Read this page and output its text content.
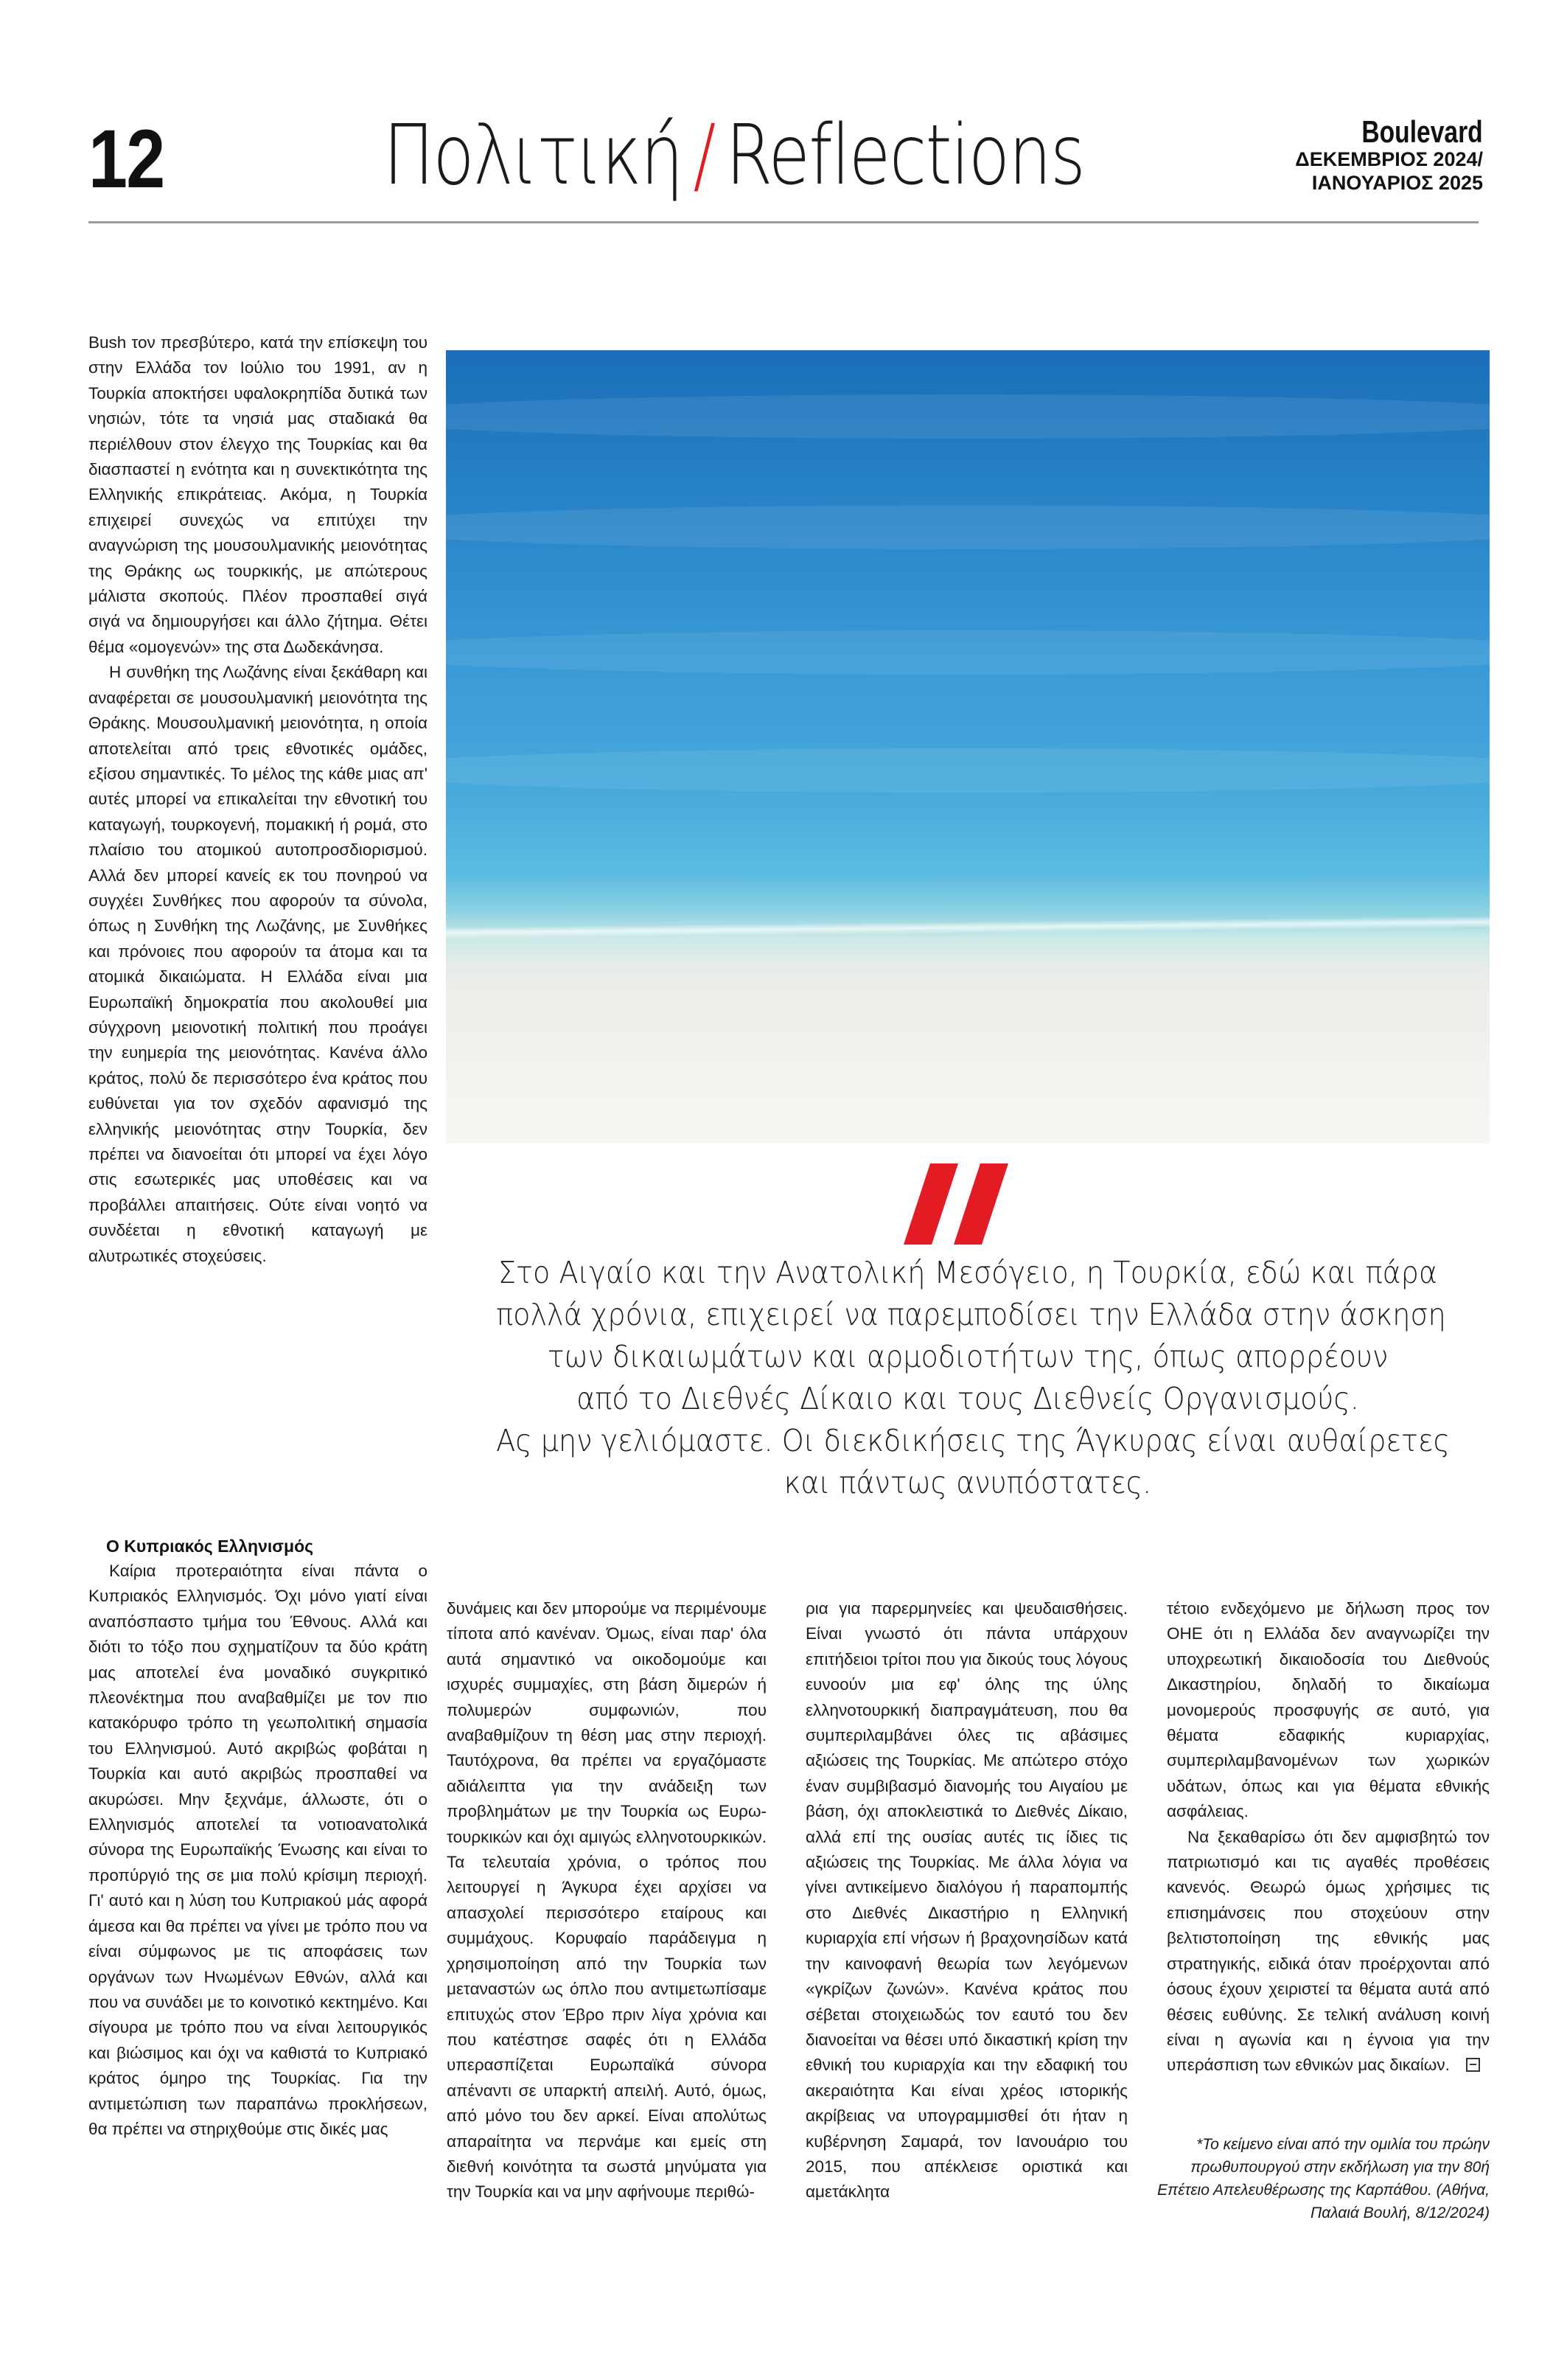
12	Πολιτική / Reflections	Boulevard
ΔΕΚΕΜΒΡΙΟΣ 2024/
ΙΑΝΟΥΑΡΙΟΣ 2025

Bush τον πρεσβύτερο, κατά την επίσκεψη του στην Ελλάδα τον Ιούλιο του 1991, αν η Τουρκία αποκτήσει υφαλοκρηπίδα δυτικά των νησιών, τότε τα νησιά μας σταδιακά θα περιέλθουν στον έλεγχο της Τουρκίας και θα διασπαστεί η ενότητα και η συνεκτικότητα της Ελληνικής επικράτειας. Ακόμα, η Τουρκία επιχειρεί συνεχώς να επιτύχει την αναγνώριση της μουσουλμανικής μειονότητας της Θράκης ως τουρκικής, με απώτερους μάλιστα σκοπούς. Πλέον προσπαθεί σιγά σιγά να δημιουργήσει και άλλο ζήτημα. Θέτει θέμα «ομογενών» της στα Δωδεκάνησα.

Η συνθήκη της Λωζάνης είναι ξεκάθαρη και αναφέρεται σε μουσουλμανική μειονότητα της Θράκης. Μουσουλμανική μειονότητα, η οποία αποτελείται από τρεις εθνοτικές ομάδες, εξίσου σημαντικές. Το μέλος της κάθε μιας απ' αυτές μπορεί να επικαλείται την εθνοτική του καταγωγή, τουρκογενή, πομακική ή ρομά, στο πλαίσιο του ατομικού αυτοπροσδιορισμού. Αλλά δεν μπορεί κανείς εκ του πονηρού να συγχέει Συνθήκες που αφορούν τα σύνολα, όπως η Συνθήκη της Λωζάνης, με Συνθήκες και πρόνοιες που αφορούν τα άτομα και τα ατομικά δικαιώματα. Η Ελλάδα είναι μια Ευρωπαϊκή δημοκρατία που ακολουθεί μια σύγχρονη μειονοτική πολιτική που προάγει την ευημερία της μειονότητας. Κανένα άλλο κράτος, πολύ δε περισσότερο ένα κράτος που ευθύνεται για τον σχεδόν αφανισμό της ελληνικής μειονότητας στην Τουρκία, δεν πρέπει να διανοείται ότι μπορεί να έχει λόγο στις εσωτερικές μας υποθέσεις και να προβάλλει απαιτήσεις. Ούτε είναι νοητό να συνδέεται η εθνοτική καταγωγή με αλυτρωτικές στοχεύσεις.

Ο Κυπριακός Ελληνισμός

Καίρια προτεραιότητα είναι πάντα ο Κυπριακός Ελληνισμός. Όχι μόνο γιατί είναι αναπόσπαστο τμήμα του Έθνους. Αλλά και διότι το τόξο που σχηματίζουν τα δύο κράτη μας αποτελεί ένα μοναδικό συγκριτικό πλεονέκτημα που αναβαθμίζει με τον πιο κατακόρυφο τρόπο τη γεωπολιτική σημασία του Ελληνισμού. Αυτό ακριβώς φοβάται η Τουρκία και αυτό ακριβώς προσπαθεί να ακυρώσει. Μην ξεχνάμε, άλλωστε, ότι ο Ελληνισμός αποτελεί τα νοτιοανατολικά σύνορα της Ευρωπαϊκής Ένωσης και είναι το προπύργιό της σε μια πολύ κρίσιμη περιοχή. Γι' αυτό και η λύση του Κυπριακού μάς αφορά άμεσα και θα πρέπει να γίνει με τρόπο που να είναι σύμφωνος με τις αποφάσεις των οργάνων των Ηνωμένων Εθνών, αλλά και που να συνάδει με το κοινοτικό κεκτημένο. Και σίγουρα με τρόπο που να είναι λειτουργικός και βιώσιμος και όχι να καθιστά το Κυπριακό κράτος όμηρο της Τουρκίας. Για την αντιμετώπιση των παραπάνω προκλήσεων, θα πρέπει να στηριχθούμε στις δικές μας

Στο Αιγαίο και την Ανατολική Μεσόγειο, η Τουρκία, εδώ και πάρα
πολλά χρόνια, επιχειρεί να παρεμποδίσει την Ελλάδα στην άσκηση
των δικαιωμάτων και αρμοδιοτήτων της, όπως απορρέουν
από το Διεθνές Δίκαιο και τους Διεθνείς Οργανισμούς.
Ας μην γελιόμαστε. Οι διεκδικήσεις της Άγκυρας είναι αυθαίρετες
και πάντως ανυπόστατες.

δυνάμεις και δεν μπορούμε να περιμένουμε τίποτα από κανέναν. Όμως, είναι παρ' όλα αυτά σημαντικό να οικοδομούμε και ισχυρές συμμαχίες, στη βάση διμερών ή πολυμερών συμφωνιών, που αναβαθμίζουν τη θέση μας στην περιοχή. Ταυτόχρονα, θα πρέπει να εργαζόμαστε αδιάλειπτα για την ανάδειξη των προβλημάτων με την Τουρκία ως Ευρω-τουρκικών και όχι αμιγώς ελληνοτουρκικών. Τα τελευταία χρόνια, ο τρόπος που λειτουργεί η Άγκυρα έχει αρχίσει να απασχολεί περισσότερο εταίρους και συμμάχους. Κορυφαίο παράδειγμα η χρησιμοποίηση από την Τουρκία των μεταναστών ως όπλο που αντιμετωπίσαμε επιτυχώς στον Έβρο πριν λίγα χρόνια και που κατέστησε σαφές ότι η Ελλάδα υπερασπίζεται Ευρωπαϊκά σύνορα απέναντι σε υπαρκτή απειλή. Αυτό, όμως, από μόνο του δεν αρκεί. Είναι απολύτως απαραίτητα να περνάμε και εμείς στη διεθνή κοινότητα τα σωστά μηνύματα για την Τουρκία και να μην αφήνουμε περιθώ-

ρια για παρερμηνείες και ψευδαισθήσεις. Είναι γνωστό ότι πάντα υπάρχουν επιτήδειοι τρίτοι που για δικούς τους λόγους ευνοούν μια εφ' όλης της ύλης ελληνοτουρκική διαπραγμάτευση, που θα συμπεριλαμβάνει όλες τις αβάσιμες αξιώσεις της Τουρκίας. Με απώτερο στόχο έναν συμβιβασμό διανομής του Αιγαίου με βάση, όχι αποκλειστικά το Διεθνές Δίκαιο, αλλά επί της ουσίας αυτές τις ίδιες τις αξιώσεις της Τουρκίας. Με άλλα λόγια να γίνει αντικείμενο διαλόγου ή παραπομπής στο Διεθνές Δικαστήριο η Ελληνική κυριαρχία επί νήσων ή βραχονησίδων κατά την καινοφανή θεωρία των λεγόμενων «γκρίζων ζωνών». Κανένα κράτος που σέβεται στοιχειωδώς τον εαυτό του δεν διανοείται να θέσει υπό δικαστική κρίση την εθνική του κυριαρχία και την εδαφική του ακεραιότητα Και είναι χρέος ιστορικής ακρίβειας να υπογραμμισθεί ότι ήταν η κυβέρνηση Σαμαρά, τον Ιανουάριο του 2015, που απέκλεισε οριστικά και αμετάκλητα

τέτοιο ενδεχόμενο με δήλωση προς τον ΟΗΕ ότι η Ελλάδα δεν αναγνωρίζει την υποχρεωτική δικαιοδοσία του Διεθνούς Δικαστηρίου, δηλαδή το δικαίωμα μονομερούς προσφυγής σε αυτό, για θέματα εδαφικής κυριαρχίας, συμπεριλαμβανομένων των χωρικών υδάτων, όπως και για θέματα εθνικής ασφάλειας.

Να ξεκαθαρίσω ότι δεν αμφισβητώ τον πατριωτισμό και τις αγαθές προθέσεις κανενός. Θεωρώ όμως χρήσιμες τις επισημάνσεις που στοχεύουν στην βελτιστοποίηση της εθνικής μας στρατηγικής, ειδικά όταν προέρχονται από όσους έχουν χειριστεί τα θέματα αυτά από θέσεις ευθύνης. Σε τελική ανάλυση κοινή είναι η αγωνία και η έγνοια για την υπεράσπιση των εθνικών μας δικαίων.

*Το κείμενο είναι από την ομιλία του πρώην πρωθυπουργού στην εκδήλωση για την 80ή Επέτειο Απελευθέρωσης της Καρπάθου. (Αθήνα, Παλαιά Βουλή, 8/12/2024)
